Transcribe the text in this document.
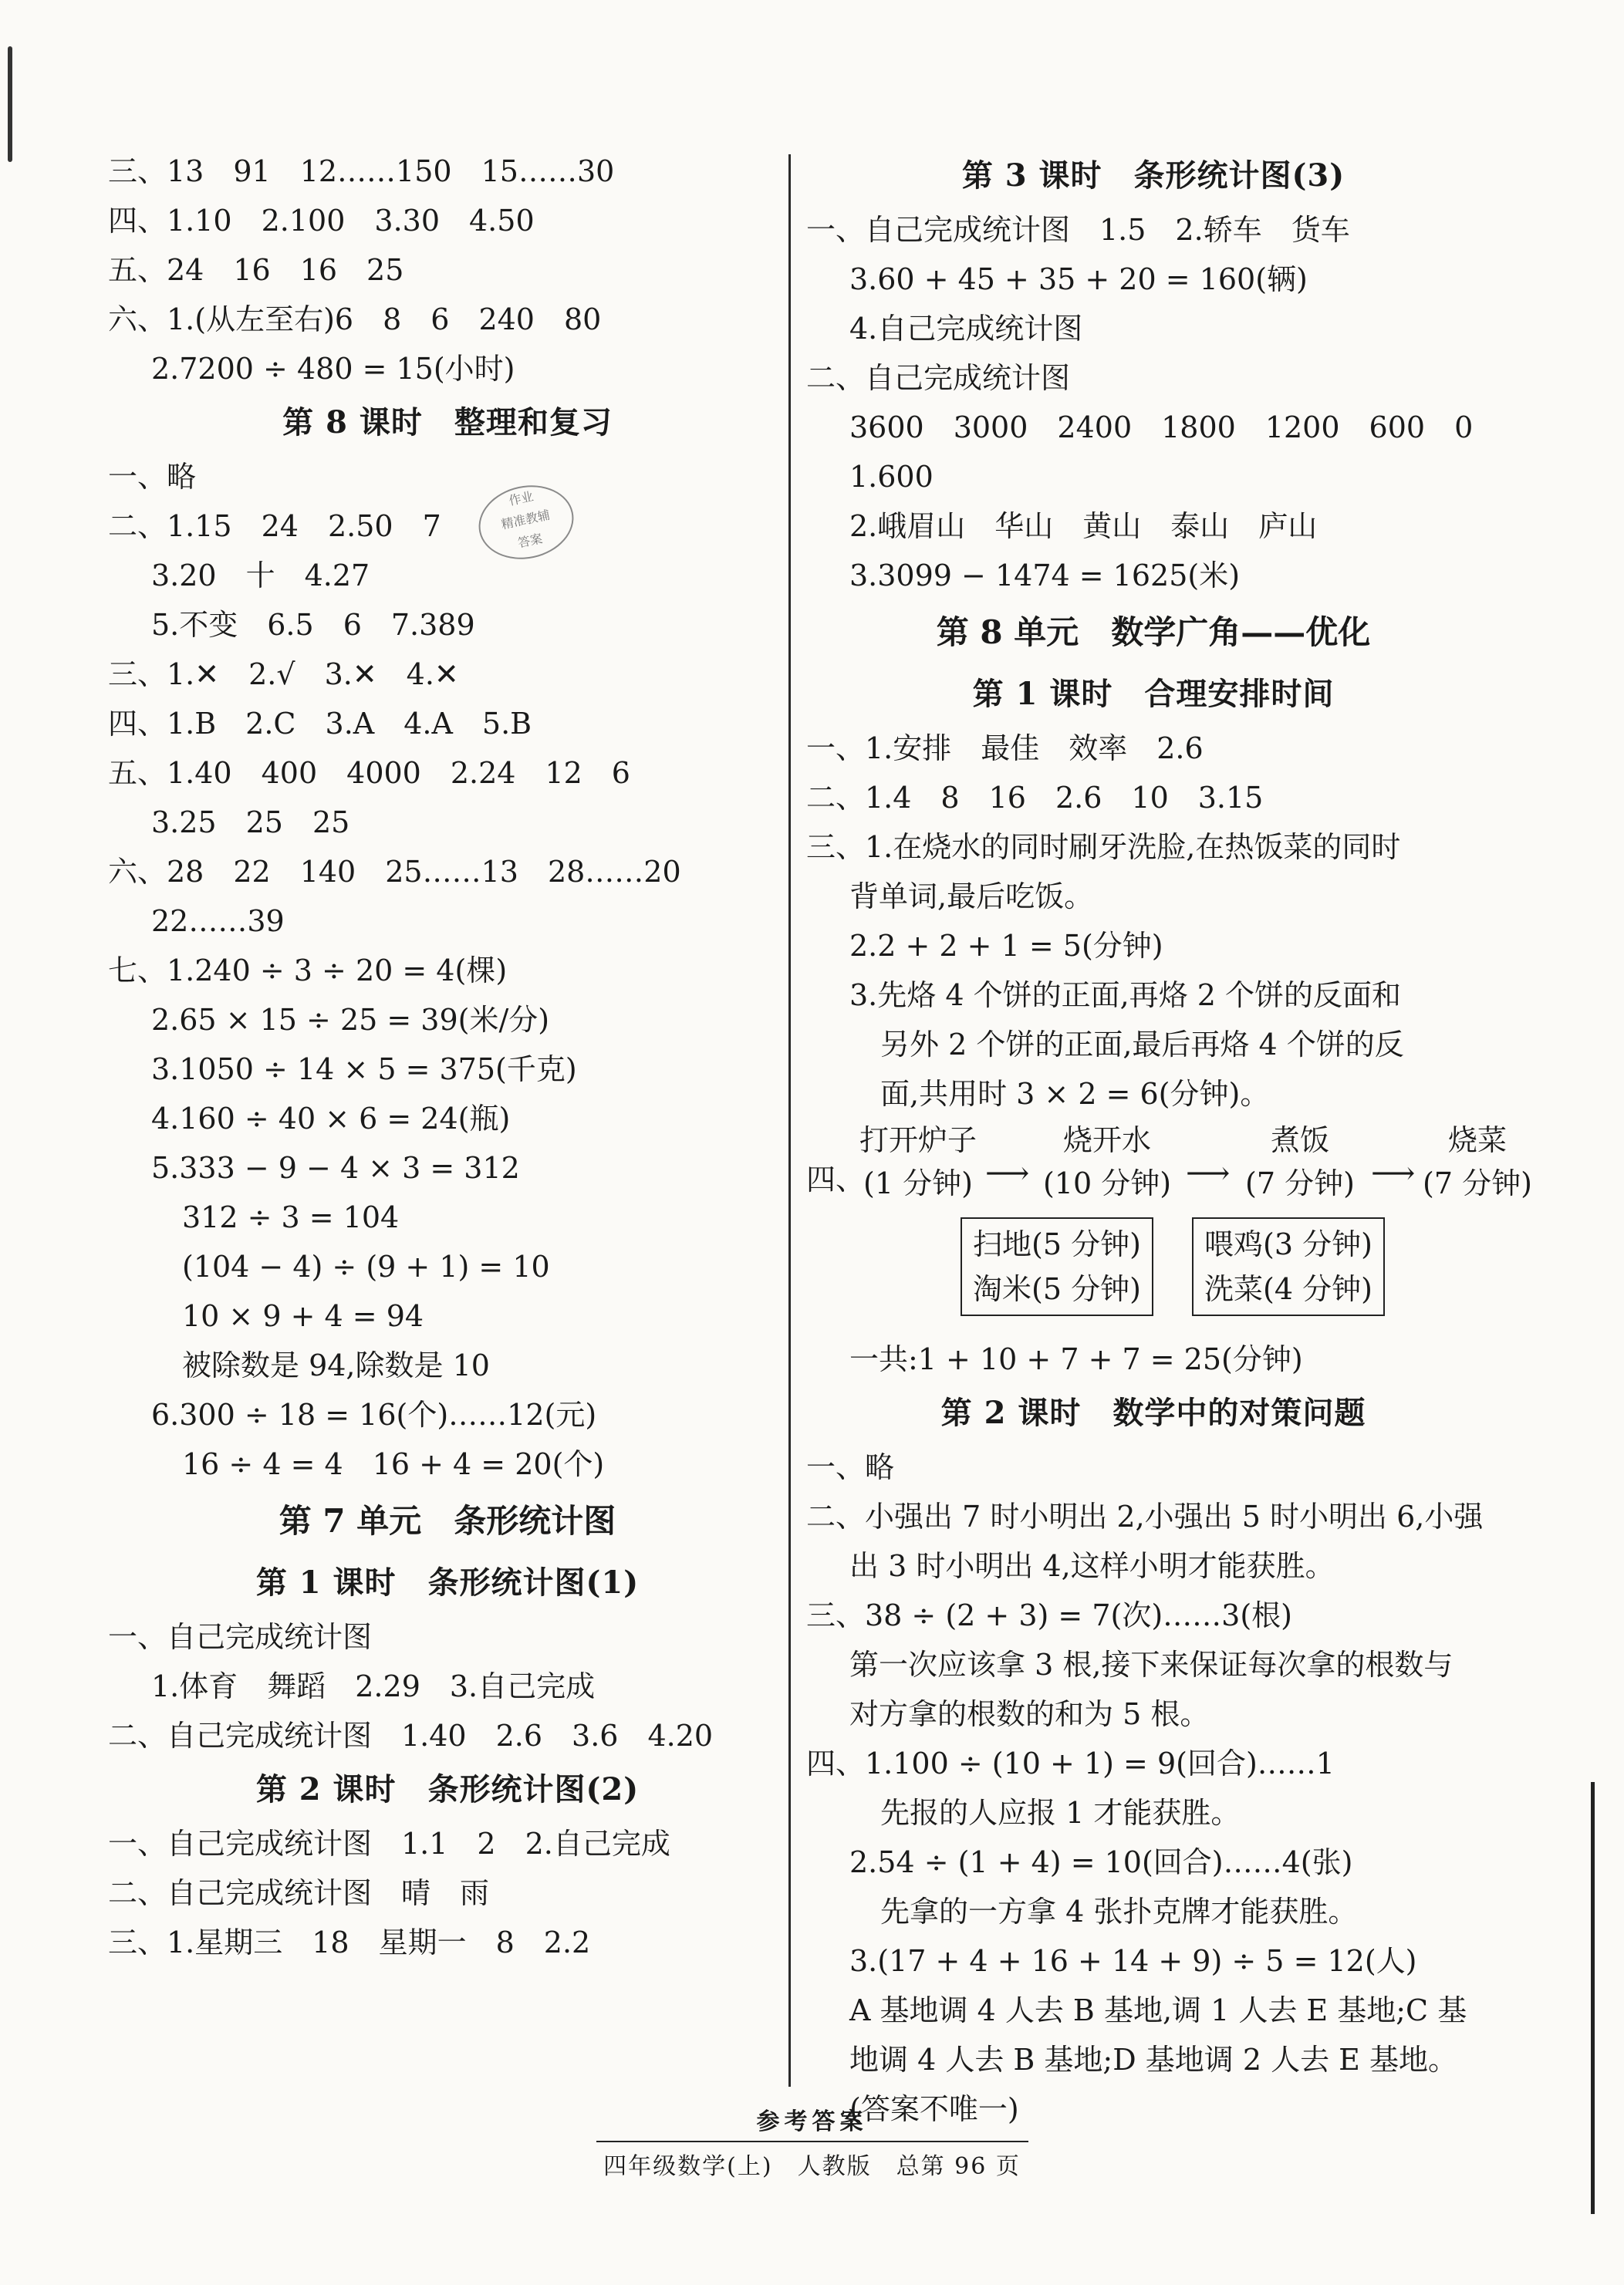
三、13　91　12……150　15……30
四、1.10　2.100　3.30　4.50
五、24　16　16　25
六、1.(从左至右)6　8　6　240　80
2.7200 ÷ 480 = 15(小时)
第 8 课时　整理和复习
一、略
二、1.15　24　2.50　7
3.20　十　4.27
5.不变　6.5　6　7.389
三、1.✕　2.√　3.✕　4.✕
四、1.B　2.C　3.A　4.A　5.B
五、1.40　400　4000　2.24　12　6
3.25　25　25
六、28　22　140　25……13　28……20
22……39
七、1.240 ÷ 3 ÷ 20 = 4(棵)
2.65 × 15 ÷ 25 = 39(米/分)
3.1050 ÷ 14 × 5 = 375(千克)
4.160 ÷ 40 × 6 = 24(瓶)
5.333 − 9 − 4 × 3 = 312
312 ÷ 3 = 104
(104 − 4) ÷ (9 + 1) = 10
10 × 9 + 4 = 94
被除数是 94,除数是 10
6.300 ÷ 18 = 16(个)……12(元)
16 ÷ 4 = 4　16 + 4 = 20(个)
第 7 单元　条形统计图
第 1 课时　条形统计图(1)
一、自己完成统计图
1.体育　舞蹈　2.29　3.自己完成
二、自己完成统计图　1.40　2.6　3.6　4.20
第 2 课时　条形统计图(2)
一、自己完成统计图　1.1　2　2.自己完成
二、自己完成统计图　晴　雨
三、1.星期三　18　星期一　8　2.2
作业
精准教辅
答案
第 3 课时　条形统计图(3)
一、自己完成统计图　1.5　2.轿车　货车
3.60 + 45 + 35 + 20 = 160(辆)
4.自己完成统计图
二、自己完成统计图
3600　3000　2400　1800　1200　600　0
1.600
2.峨眉山　华山　黄山　泰山　庐山
3.3099 − 1474 = 1625(米)
第 8 单元　数学广角——优化
第 1 课时　合理安排时间
一、1.安排　最佳　效率　2.6
二、1.4　8　16　2.6　10　3.15
三、1.在烧水的同时刷牙洗脸,在热饭菜的同时
背单词,最后吃饭。
2.2 + 2 + 1 = 5(分钟)
3.先烙 4 个饼的正面,再烙 2 个饼的反面和
另外 2 个饼的正面,最后再烙 4 个饼的反
面,共用时 3 × 2 = 6(分钟)。
四、
打开炉子
(1 分钟) ⟶
烧开水
(10 分钟) ⟶
煮饭
(7 分钟) ⟶
烧菜
(7 分钟)
扫地(5 分钟)
淘米(5 分钟)
喂鸡(3 分钟)
洗菜(4 分钟)
一共:1 + 10 + 7 + 7 = 25(分钟)
第 2 课时　数学中的对策问题
一、略
二、小强出 7 时小明出 2,小强出 5 时小明出 6,小强
出 3 时小明出 4,这样小明才能获胜。
三、38 ÷ (2 + 3) = 7(次)……3(根)
第一次应该拿 3 根,接下来保证每次拿的根数与
对方拿的根数的和为 5 根。
四、1.100 ÷ (10 + 1) = 9(回合)……1
先报的人应报 1 才能获胜。
2.54 ÷ (1 + 4) = 10(回合)……4(张)
先拿的一方拿 4 张扑克牌才能获胜。
3.(17 + 4 + 16 + 14 + 9) ÷ 5 = 12(人)
A 基地调 4 人去 B 基地,调 1 人去 E 基地;C 基
地调 4 人去 B 基地;D 基地调 2 人去 E 基地。
(答案不唯一)
参考答案
四年级数学(上)　人教版　总第 96 页
